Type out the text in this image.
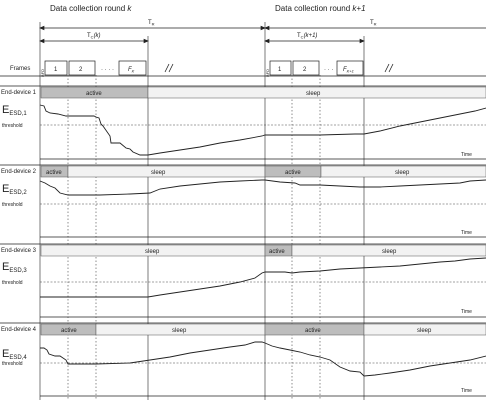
Data collection round k	Data collection round k+1
$T_R$	$T_R$
$T_C(k)$	$T_C(k+1)$
Frames BFD 1	2	· · · · $F_K$	BFD 1	2	· · · $F_{K+1}$
End-device 1	active	sleep
EESD,1
threshold
Time
End-device 2 active	sleep	active	sleep
EESD,2
threshold
Time
End-device 3	sleep	active	sleep
EESD,3
threshold
Time
End-device 4	active	sleep	active	sleep
EESD,4
threshold
Time
